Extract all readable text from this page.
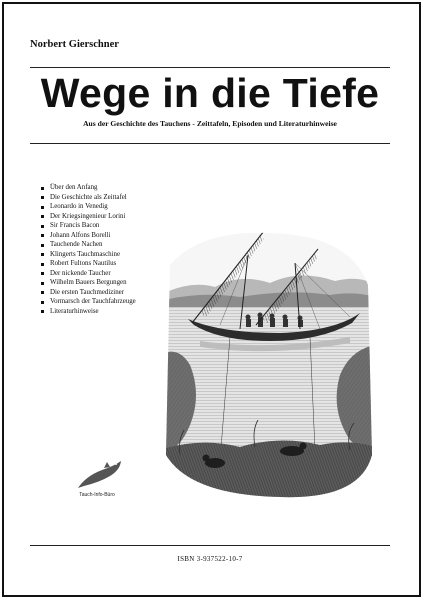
Norbert Gierschner
Wege in die Tiefe
Aus der Geschichte des Tauchens - Zeittafeln, Episoden und Literaturhinweise
Über den Anfang
Die Geschichte als Zeittafel
Leonardo in Venedig
Der Kriegsingenieur Lorini
Sir Francis Bacon
Johann Alfons Borelli
Tauchende Nachen
Klingerts Tauchmaschine
Robert Fultons Nautilus
Der nickende Taucher
Wilhelm Bauers Bergungen
Die ersten Tauchmediziner
Vormarsch der Tauchfahrzeuge
Literaturhinweise
Tauch-Info-Büro
ISBN 3-937522-10-7
